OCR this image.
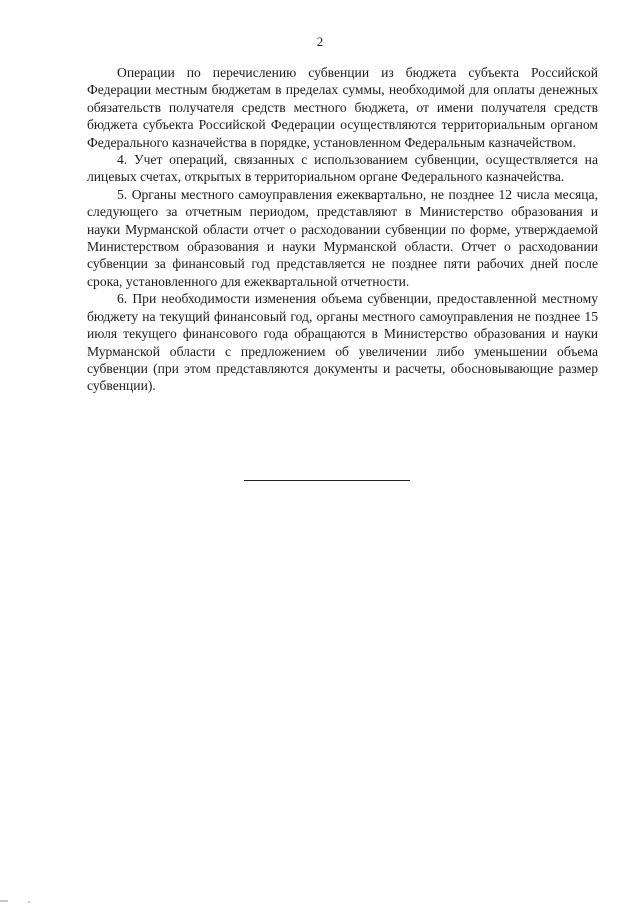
2

Операции по перечислению субвенции из бюджета субъекта Российской Федерации местным бюджетам в пределах суммы, необходимой для оплаты денежных обязательств получателя средств местного бюджета, от имени получателя средств бюджета субъекта Российской Федерации осуществляются территориальным органом Федерального казначейства в порядке, установленном Федеральным казначейством.

4. Учет операций, связанных с использованием субвенции, осуществляется на лицевых счетах, открытых в территориальном органе Федерального казначейства.

5. Органы местного самоуправления ежеквартально, не позднее 12 числа месяца, следующего за отчетным периодом, представляют в Министерство образования и науки Мурманской области отчет о расходовании субвенции по форме, утверждаемой Министерством образования и науки Мурманской области. Отчет о расходовании субвенции за финансовый год представляется не позднее пяти рабочих дней после срока, установленного для ежеквартальной отчетности.

6. При необходимости изменения объема субвенции, предоставленной местному бюджету на текущий финансовый год, органы местного самоуправления не позднее 15 июля текущего финансового года обращаются в Министерство образования и науки Мурманской области с предложением об увеличении либо уменьшении объема субвенции (при этом представляются документы и расчеты, обосновывающие размер субвенции).
